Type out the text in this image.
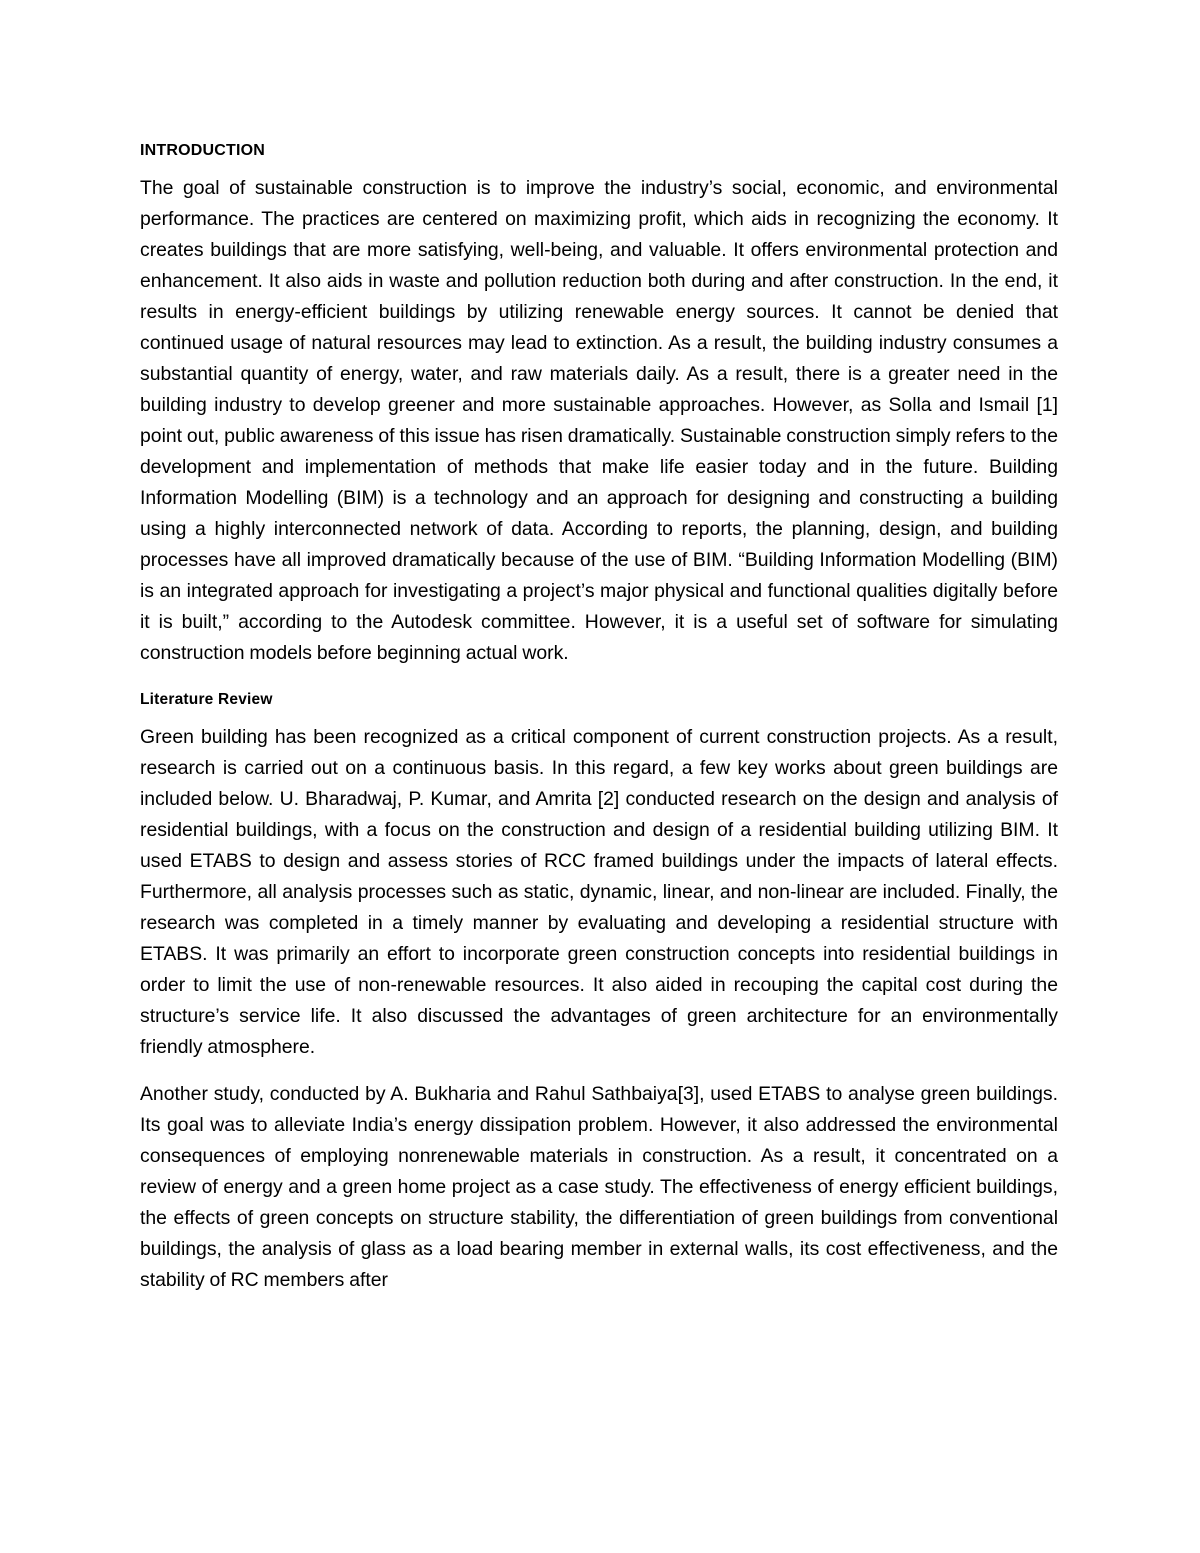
INTRODUCTION

The goal of sustainable construction is to improve the industry’s social, economic, and environmental performance. The practices are centered on maximizing profit, which aids in recognizing the economy. It creates buildings that are more satisfying, well-being, and valuable. It offers environmental protection and enhancement. It also aids in waste and pollution reduction both during and after construction. In the end, it results in energy-efficient buildings by utilizing renewable energy sources. It cannot be denied that continued usage of natural resources may lead to extinction. As a result, the building industry consumes a substantial quantity of energy, water, and raw materials daily. As a result, there is a greater need in the building industry to develop greener and more sustainable approaches. However, as Solla and Ismail [1] point out, public awareness of this issue has risen dramatically. Sustainable construction simply refers to the development and implementation of methods that make life easier today and in the future. Building Information Modelling (BIM) is a technology and an approach for designing and constructing a building using a highly interconnected network of data. According to reports, the planning, design, and building processes have all improved dramatically because of the use of BIM. “Building Information Modelling (BIM) is an integrated approach for investigating a project’s major physical and functional qualities digitally before it is built,” according to the Autodesk committee. However, it is a useful set of software for simulating construction models before beginning actual work.

Literature Review

Green building has been recognized as a critical component of current construction projects. As a result, research is carried out on a continuous basis. In this regard, a few key works about green buildings are included below. U. Bharadwaj, P. Kumar, and Amrita [2] conducted research on the design and analysis of residential buildings, with a focus on the construction and design of a residential building utilizing BIM. It used ETABS to design and assess stories of RCC framed buildings under the impacts of lateral effects. Furthermore, all analysis processes such as static, dynamic, linear, and non-linear are included. Finally, the research was completed in a timely manner by evaluating and developing a residential structure with ETABS. It was primarily an effort to incorporate green construction concepts into residential buildings in order to limit the use of non-renewable resources. It also aided in recouping the capital cost during the structure’s service life. It also discussed the advantages of green architecture for an environmentally friendly atmosphere.

Another study, conducted by A. Bukharia and Rahul Sathbaiya[3], used ETABS to analyse green buildings. Its goal was to alleviate India’s energy dissipation problem. However, it also addressed the environmental consequences of employing nonrenewable materials in construction. As a result, it concentrated on a review of energy and a green home project as a case study. The effectiveness of energy efficient buildings, the effects of green concepts on structure stability, the differentiation of green buildings from conventional buildings, the analysis of glass as a load bearing member in external walls, its cost effectiveness, and the stability of RC members after
